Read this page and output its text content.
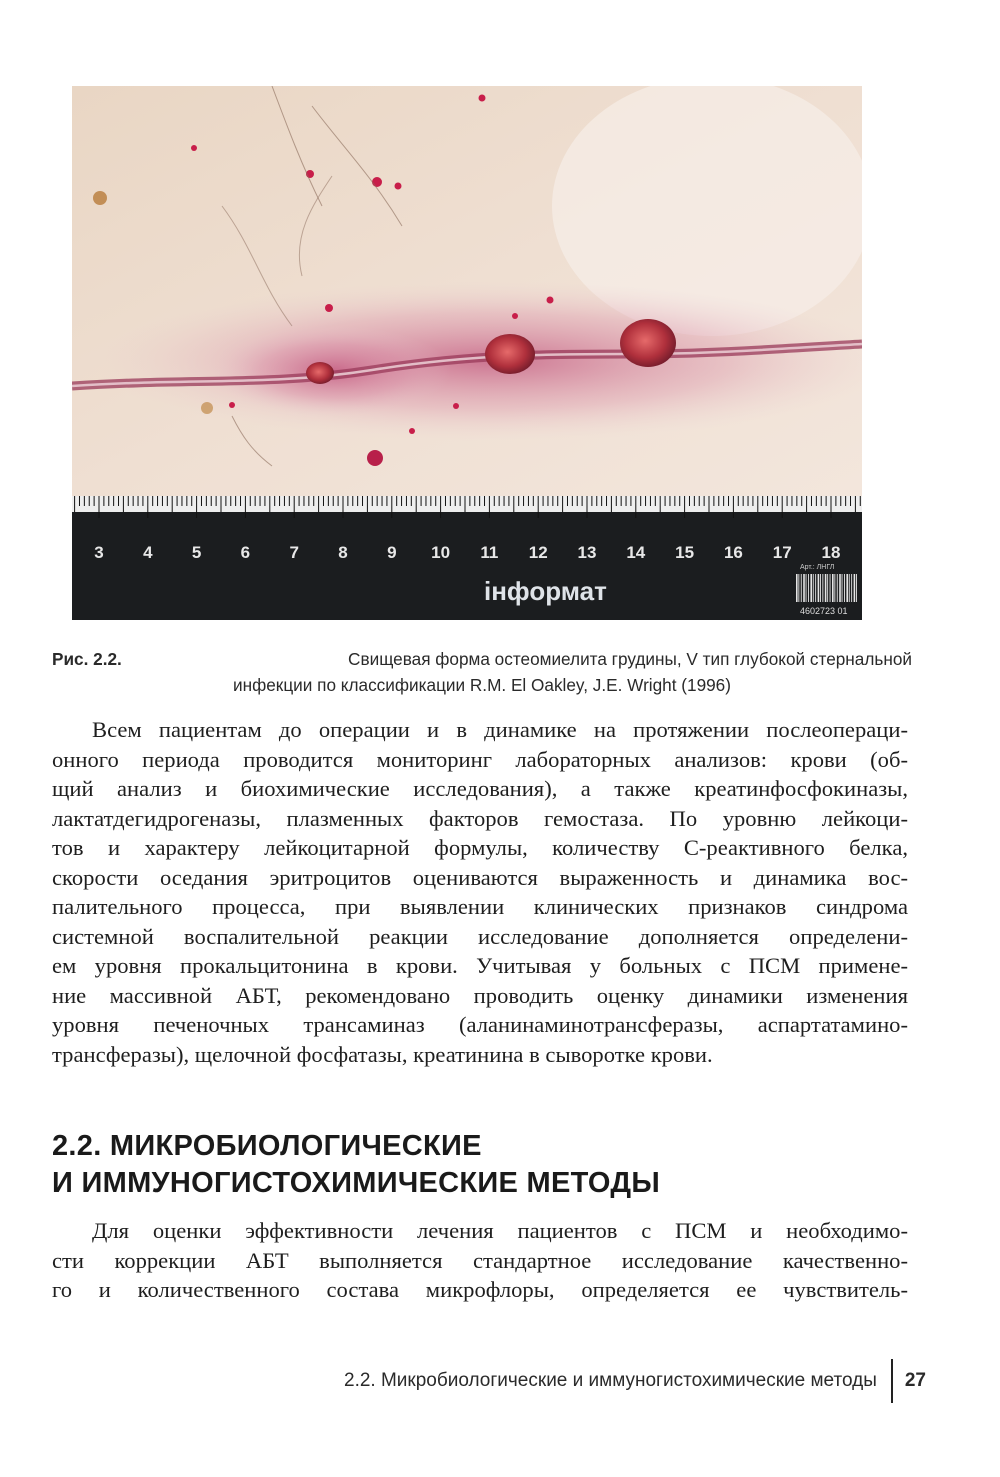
3 4 5 6 7 8 9 10 11 12 13 14 15 16 17 18
інформат
Арт.: ЛНГЛ
4602723 01
Рис. 2.2.	Свищевая форма остеомиелита грудины, V тип глубокой стернальной
инфекции по классификации R.M. El Oakley, J.E. Wright (1996)
Всем пациентам до операции и в динамике на протяжении послеопераци-
онного периода проводится мониторинг лабораторных анализов: крови (об-
щий анализ и биохимические исследования), а также креатинфосфокиназы,
лактатдегидрогеназы, плазменных факторов гемостаза. По уровню лейкоци-
тов и характеру лейкоцитарной формулы, количеству С-реактивного белка,
скорости оседания эритроцитов оцениваются выраженность и динамика вос-
палительного процесса, при выявлении клинических признаков синдрома
системной воспалительной реакции исследование дополняется определени-
ем уровня прокальцитонина в крови. Учитывая у больных с ПСМ примене-
ние массивной АБТ, рекомендовано проводить оценку динамики изменения
уровня печеночных трансаминаз (аланинаминотрансферазы, аспартатамино-
трансферазы), щелочной фосфатазы, креатинина в сыворотке крови.
2.2. МИКРОБИОЛОГИЧЕСКИЕ
И ИММУНОГИСТОХИМИЧЕСКИЕ МЕТОДЫ
Для оценки эффективности лечения пациентов с ПСМ и необходимо-
сти коррекции АБТ выполняется стандартное исследование качественно-
го и количественного состава микрофлоры, определяется ее чувствитель-
2.2. Микробиологические и иммуногистохимические методы 27
